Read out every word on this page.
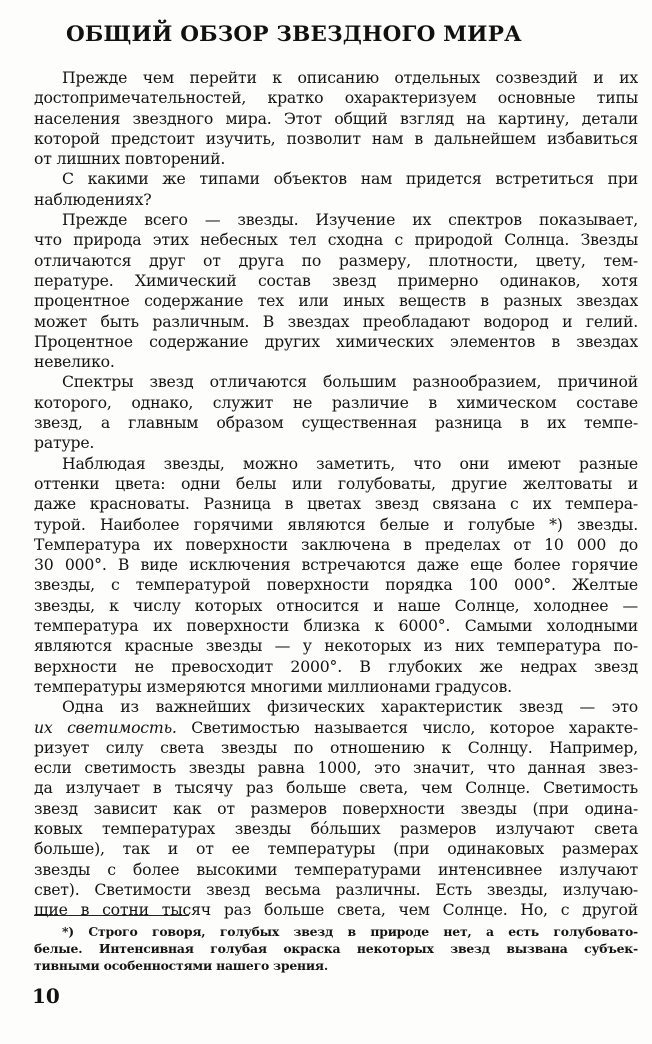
ОБЩИЙ ОБЗОР ЗВЕЗДНОГО МИРА
Прежде чем перейти к описанию отдельных созвездий и их
достопримечательностей, кратко охарактеризуем основные типы
населения звездного мира. Этот общий взгляд на картину, детали
которой предстоит изучить, позволит нам в дальнейшем избавиться
от лишних повторений.
С какими же типами объектов нам придется встретиться при
наблюдениях?
Прежде всего — звезды. Изучение их спектров показывает,
что природа этих небесных тел сходна с природой Солнца. Звезды
отличаются друг от друга по размеру, плотности, цвету, тем-
пературе. Химический состав звезд примерно одинаков, хотя
процентное содержание тех или иных веществ в разных звездах
может быть различным. В звездах преобладают водород и гелий.
Процентное содержание других химических элементов в звездах
невелико.
Спектры звезд отличаются большим разнообразием, причиной
которого, однако, служит не различие в химическом составе
звезд, а главным образом существенная разница в их темпе-
ратуре.
Наблюдая звезды, можно заметить, что они имеют разные
оттенки цвета: одни белы или голубоваты, другие желтоваты и
даже красноваты. Разница в цветах звезд связана с их темпера-
турой. Наиболее горячими являются белые и голубые *) звезды.
Температура их поверхности заключена в пределах от 10 000 до
30 000°. В виде исключения встречаются даже еще более горячие
звезды, с температурой поверхности порядка 100 000°. Желтые
звезды, к числу которых относится и наше Солнце, холоднее —
температура их поверхности близка к 6000°. Самыми холодными
являются красные звезды — у некоторых из них температура по-
верхности не превосходит 2000°. В глубоких же недрах звезд
температуры измеряются многими миллионами градусов.
Одна из важнейших физических характеристик звезд — это
их светимость. Светимостью называется число, которое характе-
ризует силу света звезды по отношению к Солнцу. Например,
если светимость звезды равна 1000, это значит, что данная звез-
да излучает в тысячу раз больше света, чем Солнце. Светимость
звезд зависит как от размеров поверхности звезды (при одина-
ковых температурах звезды бо́льших размеров излучают света
больше), так и от ее температуры (при одинаковых размерах
звезды с более высокими температурами интенсивнее излучают
свет). Светимости звезд весьма различны. Есть звезды, излучаю-
щие в сотни тысяч раз больше света, чем Солнце. Но, с другой
*) Строго говоря, голубых звезд в природе нет, а есть голубовато-
белые. Интенсивная голубая окраска некоторых звезд вызвана субъек-
тивными особенностями нашего зрения.
10
